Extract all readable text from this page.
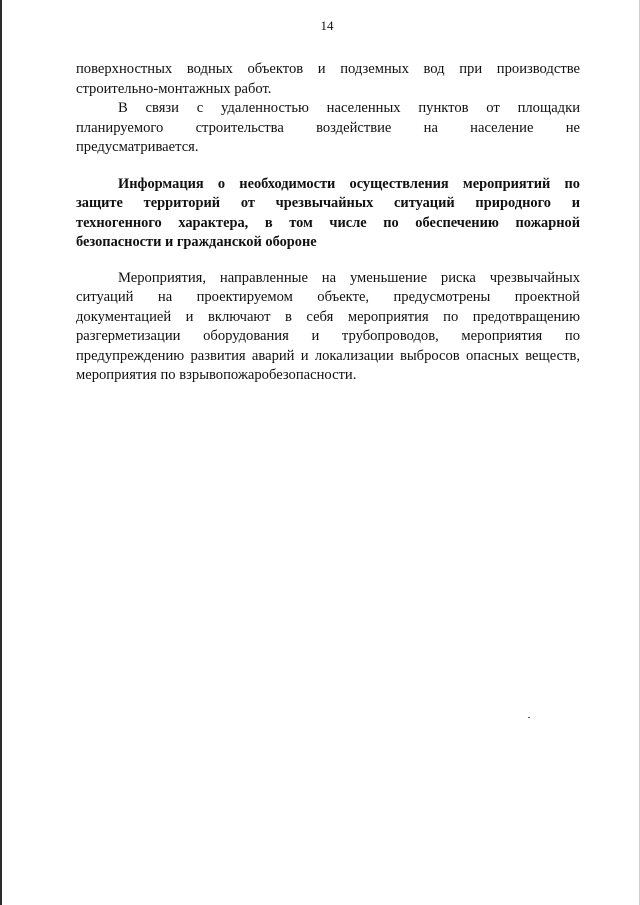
14
поверхностных водных объектов и подземных вод при производстве
строительно-монтажных работ.
В связи с удаленностью населенных пунктов от площадки
планируемого строительства воздействие на население не
предусматривается.
Информация о необходимости осуществления мероприятий по
защите территорий от чрезвычайных ситуаций природного и
техногенного характера, в том числе по обеспечению пожарной
безопасности и гражданской обороне
Мероприятия, направленные на уменьшение риска чрезвычайных
ситуаций на проектируемом объекте, предусмотрены проектной
документацией и включают в себя мероприятия по предотвращению
разгерметизации оборудования и трубопроводов, мероприятия по
предупреждению развития аварий и локализации выбросов опасных веществ,
мероприятия по взрывопожаробезопасности.
